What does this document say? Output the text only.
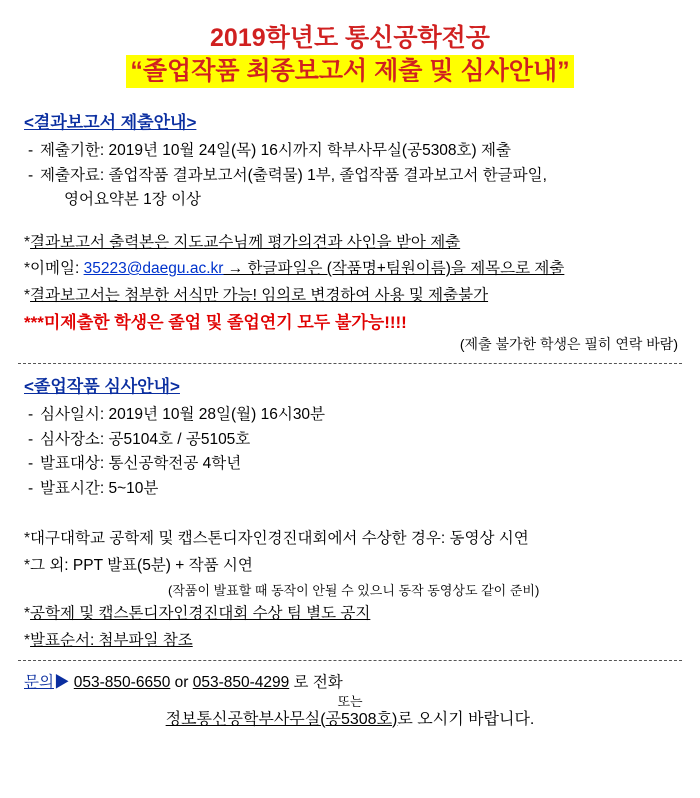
2019학년도 통신공학전공
“졸업작품 최종보고서 제출 및 심사안내”
<결과보고서 제출안내>
- 제출기한: 2019년 10월 24일(목) 16시까지 학부사무실(공5308호) 제출
- 제출자료: 졸업작품 결과보고서(출력물) 1부, 졸업작품 결과보고서 한글파일,
영어요약본 1장 이상
*결과보고서 출력본은 지도교수님께 평가의견과 사인을 받아 제출
*이메일: 35223@daegu.ac.kr → 한글파일은 (작품명+팀원이름)을 제목으로 제출
*결과보고서는 첨부한 서식만 가능! 임의로 변경하여 사용 및 제출불가
***미제출한 학생은 졸업 및 졸업연기 모두 불가능!!!!
(제출 불가한 학생은 필히 연락 바람)
<졸업작품 심사안내>
- 심사일시: 2019년 10월 28일(월) 16시30분
- 심사장소: 공5104호 / 공5105호
- 발표대상: 통신공학전공 4학년
- 발표시간: 5~10분
*대구대학교 공학제 및 캡스톤디자인경진대회에서 수상한 경우: 동영상 시연
*그 외: PPT 발표(5분) + 작품 시연
(작품이 발표할 때 동작이 안될 수 있으니 동작 동영상도 같이 준비)
*공학제 및 캡스톤디자인경진대회 수상 팀 별도 공지
*발표순서: 첨부파일 참조
문의▶ 053-850-6650 or 053-850-4299 로 전화
또는
정보통신공학부사무실(공5308호)로 오시기 바랍니다.
